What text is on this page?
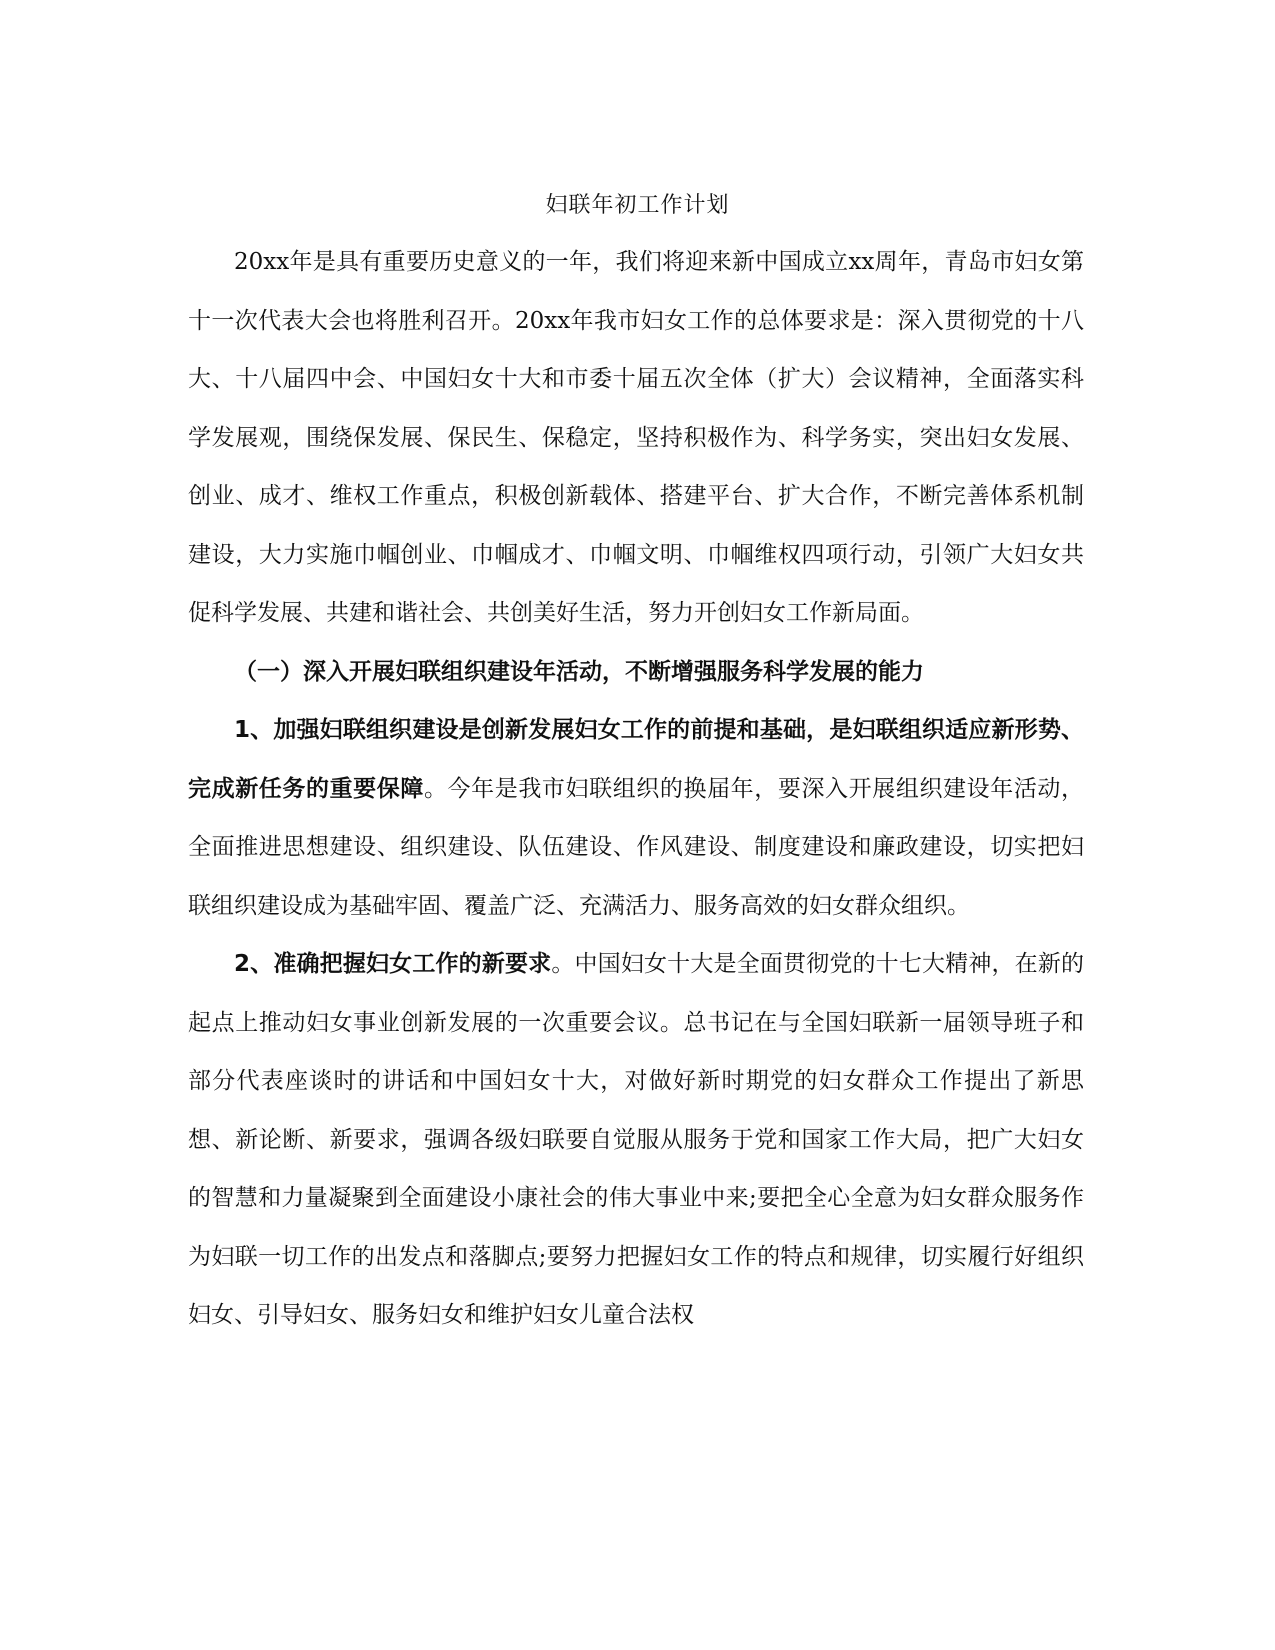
妇联年初工作计划

20xx年是具有重要历史意义的一年，我们将迎来新中国成立xx周年，青岛市妇女第十一次代表大会也将胜利召开。20xx年我市妇女工作的总体要求是：深入贯彻党的十八大、十八届四中会、中国妇女十大和市委十届五次全体（扩大）会议精神，全面落实科学发展观，围绕保发展、保民生、保稳定，坚持积极作为、科学务实，突出妇女发展、创业、成才、维权工作重点，积极创新载体、搭建平台、扩大合作，不断完善体系机制建设，大力实施巾帼创业、巾帼成才、巾帼文明、巾帼维权四项行动，引领广大妇女共促科学发展、共建和谐社会、共创美好生活，努力开创妇女工作新局面。

（一）深入开展妇联组织建设年活动，不断增强服务科学发展的能力

1、加强妇联组织建设是创新发展妇女工作的前提和基础，是妇联组织适应新形势、完成新任务的重要保障。今年是我市妇联组织的换届年，要深入开展组织建设年活动，全面推进思想建设、组织建设、队伍建设、作风建设、制度建设和廉政建设，切实把妇联组织建设成为基础牢固、覆盖广泛、充满活力、服务高效的妇女群众组织。

2、准确把握妇女工作的新要求。中国妇女十大是全面贯彻党的十七大精神，在新的起点上推动妇女事业创新发展的一次重要会议。总书记在与全国妇联新一届领导班子和部分代表座谈时的讲话和中国妇女十大，对做好新时期党的妇女群众工作提出了新思想、新论断、新要求，强调各级妇联要自觉服从服务于党和国家工作大局，把广大妇女的智慧和力量凝聚到全面建设小康社会的伟大事业中来;要把全心全意为妇女群众服务作为妇联一切工作的出发点和落脚点;要努力把握妇女工作的特点和规律，切实履行好组织妇女、引导妇女、服务妇女和维护妇女儿童合法权
